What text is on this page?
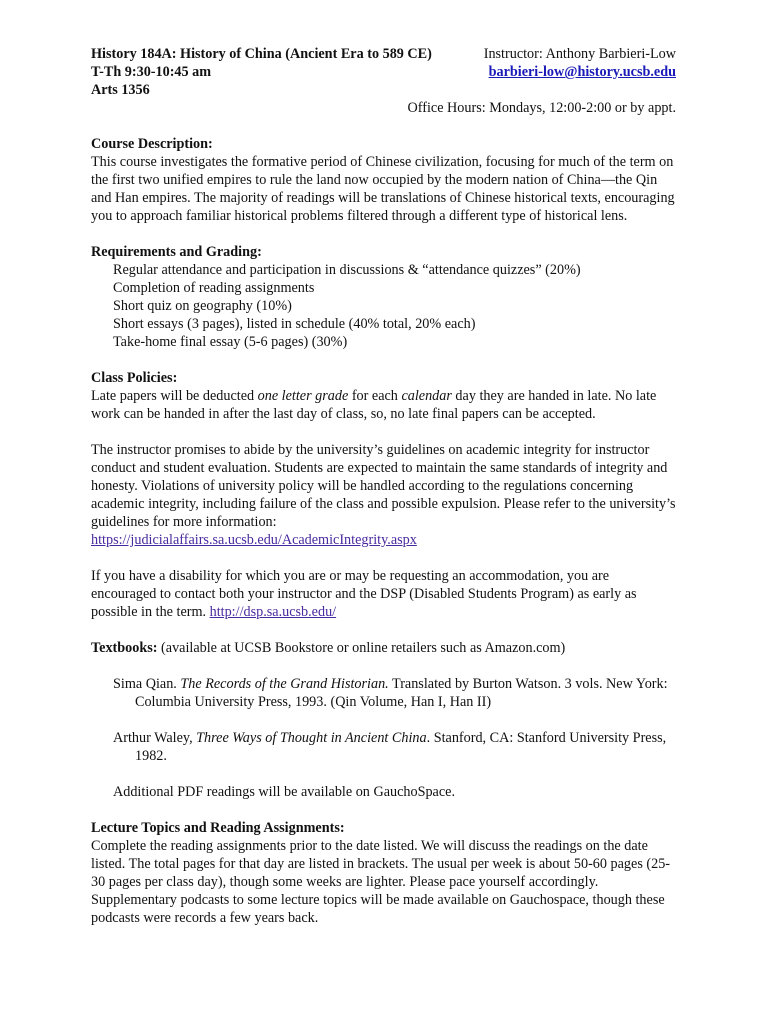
History 184A: History of China (Ancient Era to 589 CE)	Instructor: Anthony Barbieri-Low
T-Th 9:30-10:45 am	barbieri-low@history.ucsb.edu
Arts 1356
Office Hours: Mondays, 12:00-2:00 or by appt.

Course Description:

This course investigates the formative period of Chinese civilization, focusing for much of the term on the first two unified empires to rule the land now occupied by the modern nation of China—the Qin and Han empires. The majority of readings will be translations of Chinese historical texts, encouraging you to approach familiar historical problems filtered through a different type of historical lens.

Requirements and Grading:

Regular attendance and participation in discussions & “attendance quizzes” (20%)

Completion of reading assignments

Short quiz on geography (10%)

Short essays (3 pages), listed in schedule (40% total, 20% each)

Take-home final essay (5-6 pages) (30%)

Class Policies:

Late papers will be deducted one letter grade for each calendar day they are handed in late. No late work can be handed in after the last day of class, so, no late final papers can be accepted.

The instructor promises to abide by the university’s guidelines on academic integrity for instructor conduct and student evaluation. Students are expected to maintain the same standards of integrity and honesty. Violations of university policy will be handled according to the regulations concerning academic integrity, including failure of the class and possible expulsion. Please refer to the university’s guidelines for more information:

https://judicialaffairs.sa.ucsb.edu/AcademicIntegrity.aspx

If you have a disability for which you are or may be requesting an accommodation, you are encouraged to contact both your instructor and the DSP (Disabled Students Program) as early as possible in the term. http://dsp.sa.ucsb.edu/

Textbooks: (available at UCSB Bookstore or online retailers such as Amazon.com)

Sima Qian. The Records of the Grand Historian. Translated by Burton Watson. 3 vols. New York: Columbia University Press, 1993. (Qin Volume, Han I, Han II)

Arthur Waley, Three Ways of Thought in Ancient China. Stanford, CA: Stanford University Press, 1982.

Additional PDF readings will be available on GauchoSpace.

Lecture Topics and Reading Assignments:

Complete the reading assignments prior to the date listed. We will discuss the readings on the date listed. The total pages for that day are listed in brackets. The usual per week is about 50-60 pages (25-30 pages per class day), though some weeks are lighter. Please pace yourself accordingly. Supplementary podcasts to some lecture topics will be made available on Gauchospace, though these podcasts were records a few years back.
